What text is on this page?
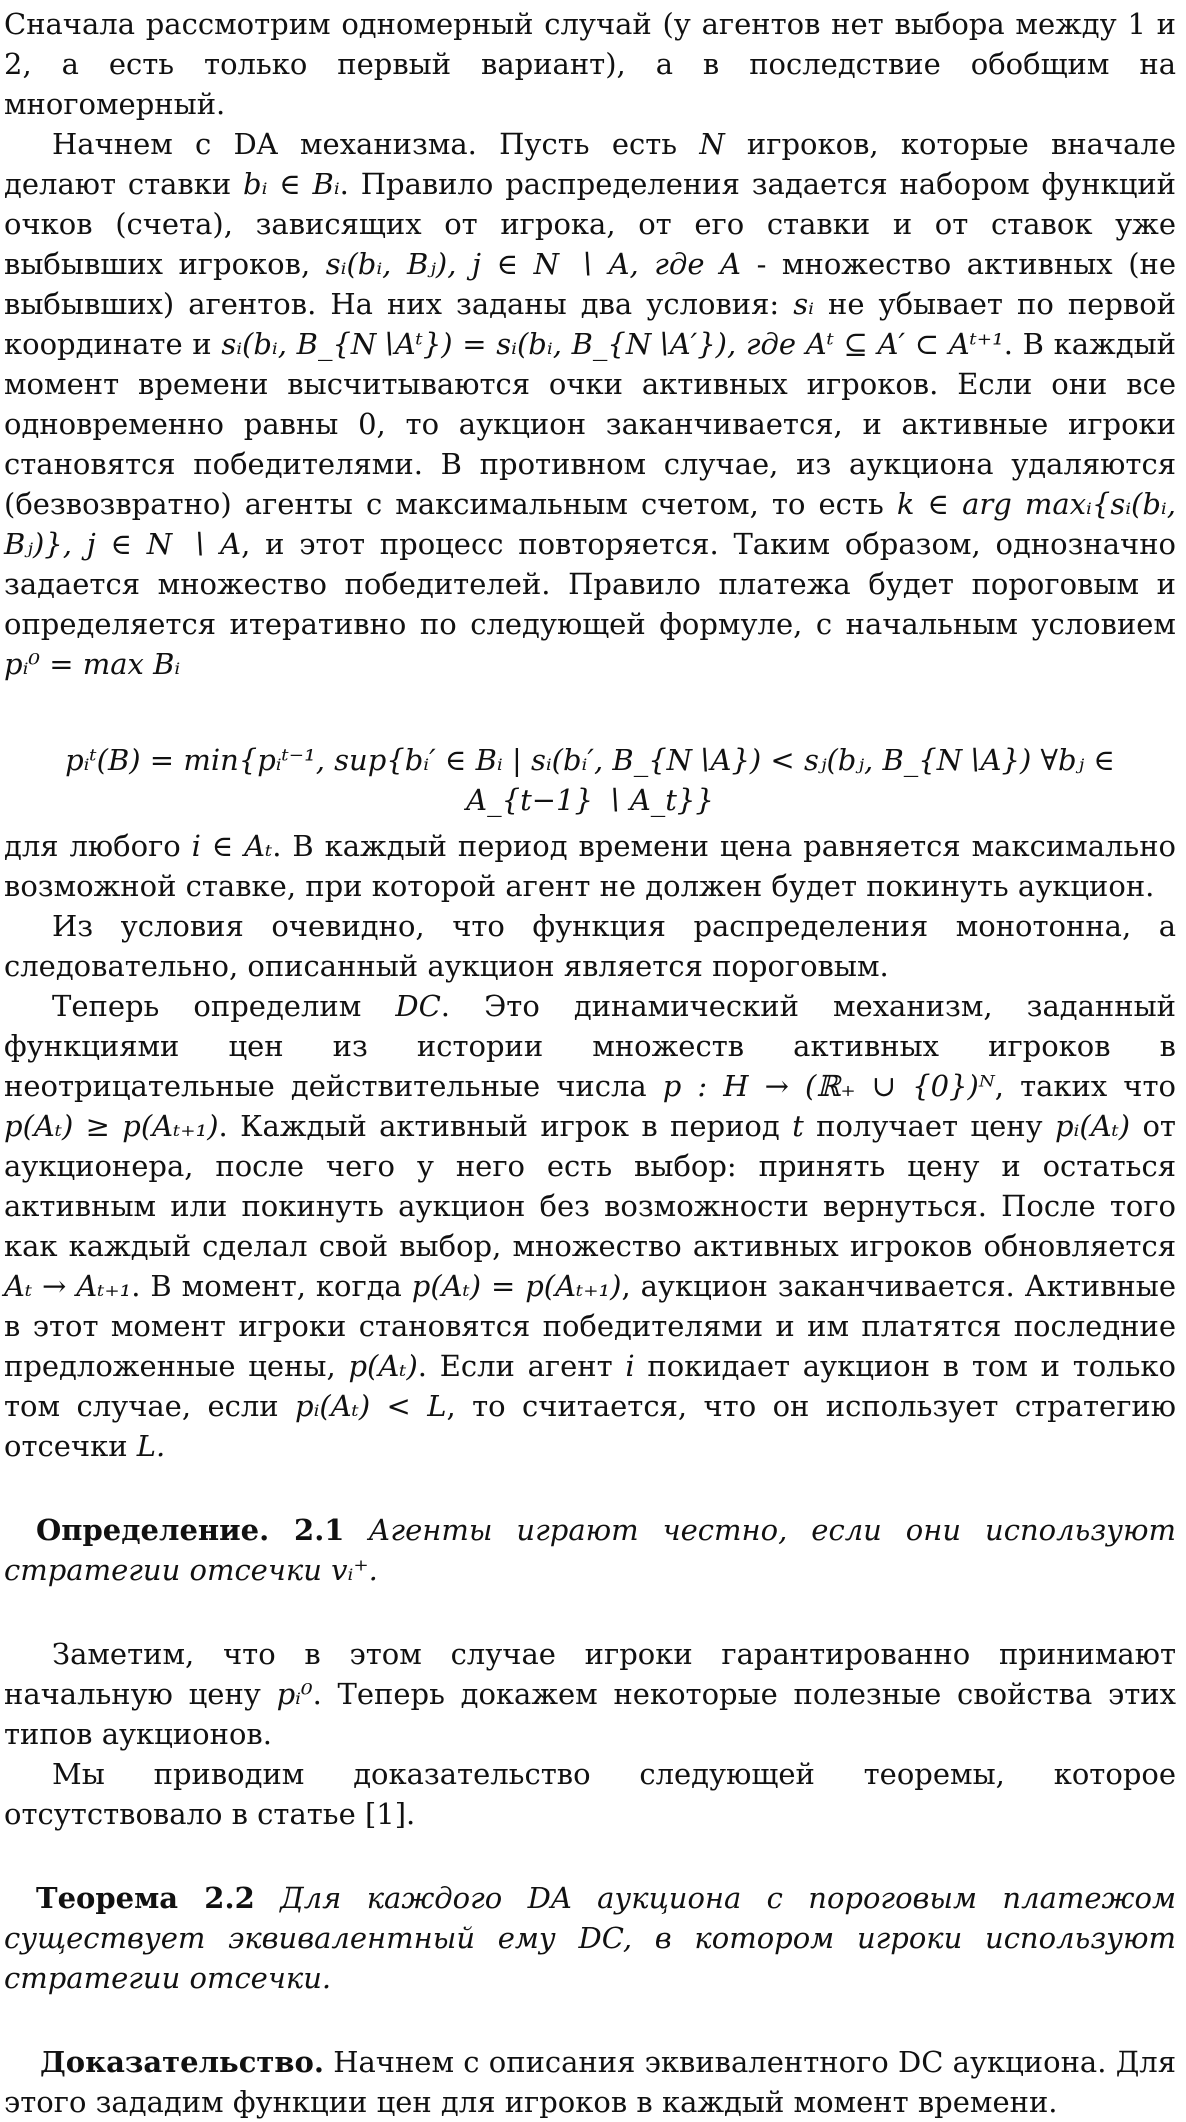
Сначала рассмотрим одномерный случай (у агентов нет выбора между 1 и 2, а есть только первый вариант), а в последствие обобщим на многомерный.

Начнем с DA механизма. Пусть есть N игроков, которые вначале делают ставки bᵢ ∈ Bᵢ. Правило распределения задается набором функций очков (счета), зависящих от игрока, от его ставки и от ставок уже выбывших игроков, sᵢ(bᵢ, Bⱼ), j ∈ N ∖ A, где A - множество активных (не выбывших) агентов. На них заданы два условия: sᵢ не убывает по первой координате и sᵢ(bᵢ, B_{N∖Aᵗ}) = sᵢ(bᵢ, B_{N∖A′}), где Aᵗ ⊆ A′ ⊂ Aᵗ⁺¹. В каждый момент времени высчитываются очки активных игроков. Если они все одновременно равны 0, то аукцион заканчивается, и активные игроки становятся победителями. В противном случае, из аукциона удаляются (безвозвратно) агенты с максимальным счетом, то есть k ∈ arg maxᵢ{sᵢ(bᵢ, Bⱼ)}, j ∈ N ∖ A, и этот процесс повторяется. Таким образом, однозначно задается множество победителей. Правило платежа будет пороговым и определяется итеративно по следующей формуле, с начальным условием pᵢ⁰ = max Bᵢ

pᵢᵗ(B) = min{pᵢᵗ⁻¹, sup{bᵢ′ ∈ Bᵢ | sᵢ(bᵢ′, B_{N∖A}) < sⱼ(bⱼ, B_{N∖A}) ∀bⱼ ∈ A_{t−1} ∖ A_t}}

для любого i ∈ Aₜ. В каждый период времени цена равняется максимально возможной ставке, при которой агент не должен будет покинуть аукцион.

Из условия очевидно, что функция распределения монотонна, а следовательно, описанный аукцион является пороговым.

Теперь определим DC. Это динамический механизм, заданный функциями цен из истории множеств активных игроков в неотрицательные действительные числа p : H → (ℝ₊ ∪ {0})ᴺ, таких что p(Aₜ) ≥ p(Aₜ₊₁). Каждый активный игрок в период t получает цену pᵢ(Aₜ) от аукционера, после чего у него есть выбор: принять цену и остаться активным или покинуть аукцион без возможности вернуться. После того как каждый сделал свой выбор, множество активных игроков обновляется Aₜ → Aₜ₊₁. В момент, когда p(Aₜ) = p(Aₜ₊₁), аукцион заканчивается. Активные в этот момент игроки становятся победителями и им платятся последние предложенные цены, p(Aₜ). Если агент i покидает аукцион в том и только том случае, если pᵢ(Aₜ) < L, то считается, что он использует стратегию отсечки L.

Определение. 2.1 Агенты играют честно, если они используют стратегии отсечки vᵢ⁺.

Заметим, что в этом случае игроки гарантированно принимают начальную цену pᵢ⁰. Теперь докажем некоторые полезные свойства этих типов аукционов.

Мы приводим доказательство следующей теоремы, которое отсутствовало в статье [1].

Теорема 2.2 Для каждого DA аукциона с пороговым платежом существует эквивалентный ему DC, в котором игроки используют стратегии отсечки.

Доказательство. Начнем с описания эквивалентного DC аукциона. Для этого зададим функции цен для игроков в каждый момент времени.
